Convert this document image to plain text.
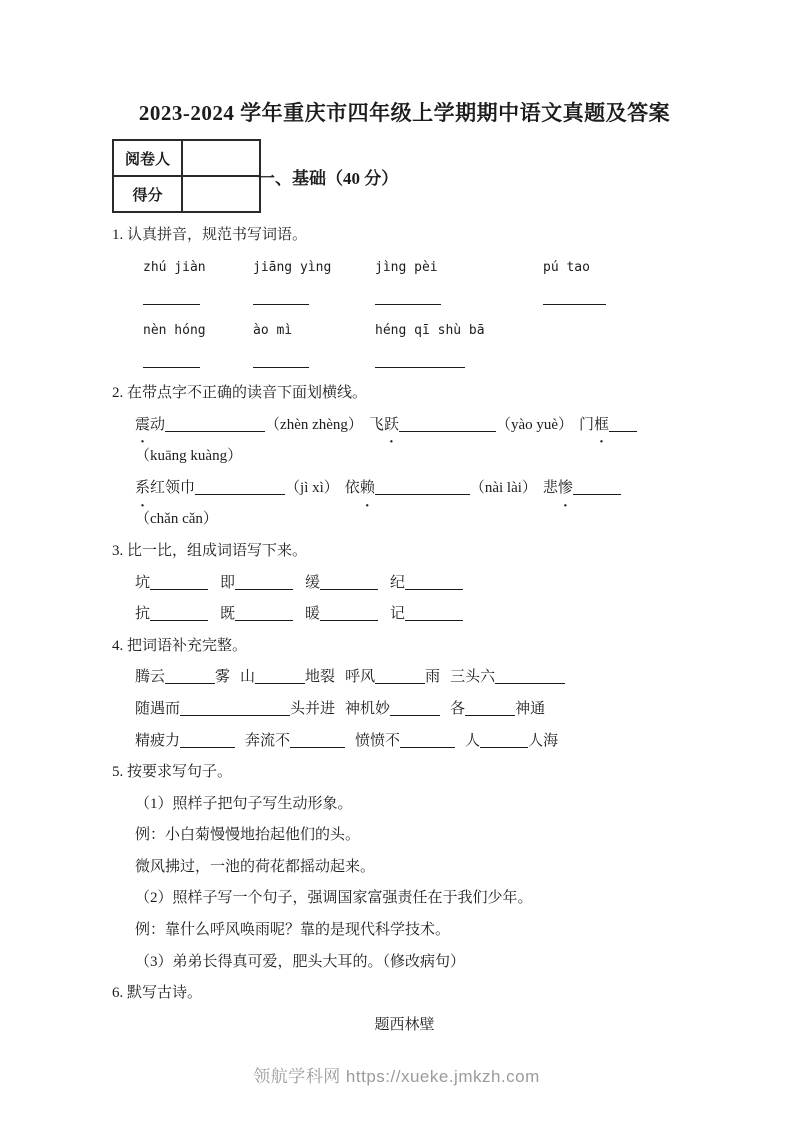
2023-2024 学年重庆市四年级上学期期中语文真题及答案
阅卷人	
得分	
一、基础（40 分）
1. 认真拼音，规范书写词语。
zhú jiàn	jiāng yìng	jìng pèi	pú tao
nèn hóng	ào mì	héng qī shù bā
2. 在带点字不正确的读音下面划横线。
震动	（zhèn zhèng） 飞跃	（yào yuè） 门框
（kuāng kuàng）
系红领巾	（jì xì） 依赖	（nài lài） 悲惨
（chǎn cǎn）
3. 比一比，组成词语写下来。
坑	即	缓	纪
抗	既	暖	记
4. 把词语补充完整。
腾云	雾 山	地裂 呼风	雨 三头六
随遇而	头并进 神机妙	各	神通
精疲力	奔流不	愤愤不	人	人海
5. 按要求写句子。
（1）照样子把句子写生动形象。
例：小白菊慢慢地抬起他们的头。
微风拂过，一池的荷花都摇动起来。
（2）照样子写一个句子，强调国家富强责任在于我们少年。
例：靠什么呼风唤雨呢？靠的是现代科学技术。
（3）弟弟长得真可爱，肥头大耳的。（修改病句）
6. 默写古诗。
题西林壁
领航学科网 https://xueke.jmkzh.com
